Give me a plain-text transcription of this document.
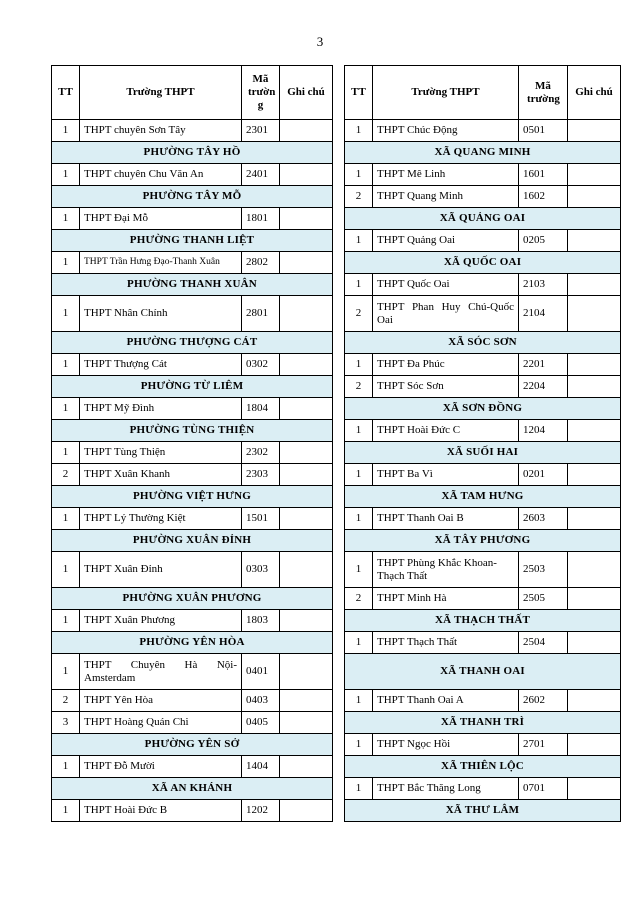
3
TT	Trường THPT	Mã trườn g	Ghi chú
1	THPT chuyên Sơn Tây	2301	
PHƯỜNG TÂY HỒ			
1	THPT chuyên Chu Văn An	2401	
PHƯỜNG TÂY MỖ			
1	THPT Đại Mỗ	1801	
PHƯỜNG THANH LIỆT			
1	THPT Trần Hưng Đạo-Thanh Xuân	2802	
PHƯỜNG THANH XUÂN			
1	THPT Nhân Chính	2801	
PHƯỜNG THƯỢNG CÁT			
1	THPT Thượng Cát	0302	
PHƯỜNG TỪ LIÊM			
1	THPT Mỹ Đình	1804	
PHƯỜNG TÙNG THIỆN			
1	THPT Tùng Thiện	2302	
2	THPT Xuân Khanh	2303	
PHƯỜNG VIỆT HƯNG			
1	THPT Lý Thường Kiệt	1501	
PHƯỜNG XUÂN ĐỈNH			
1	THPT Xuân Đỉnh	0303	
PHƯỜNG XUÂN PHƯƠNG			
1	THPT Xuân Phương	1803	
PHƯỜNG YÊN HÒA			
1	THPT Chuyên Hà Nội-Amsterdam	0401	
2	THPT Yên Hòa	0403	
3	THPT Hoàng Quán Chi	0405	
PHƯỜNG YÊN SỞ			
1	THPT Đỗ Mười	1404	
XÃ AN KHÁNH			
1	THPT Hoài Đức B	1202	
TT	Trường THPT	Mã trường	Ghi chú
1	THPT Chúc Động	0501	
XÃ QUANG MINH			
1	THPT Mê Linh	1601	
2	THPT Quang Minh	1602	
XÃ QUẢNG OAI			
1	THPT Quảng Oai	0205	
XÃ QUỐC OAI			
1	THPT Quốc Oai	2103	
2	THPT Phan Huy Chú-Quốc Oai	2104	
XÃ SÓC SƠN			
1	THPT Đa Phúc	2201	
2	THPT Sóc Sơn	2204	
XÃ SƠN ĐỒNG			
1	THPT Hoài Đức C	1204	
XÃ SUỐI HAI			
1	THPT Ba Vì	0201	
XÃ TAM HƯNG			
1	THPT Thanh Oai B	2603	
XÃ TÂY PHƯƠNG			
1	THPT Phùng Khắc Khoan-Thạch Thất	2503	
2	THPT Minh Hà	2505	
XÃ THẠCH THẤT			
1	THPT Thạch Thất	2504	
XÃ THANH OAI			
1	THPT Thanh Oai A	2602	
XÃ THANH TRÌ			
1	THPT Ngọc Hồi	2701	
XÃ THIÊN LỘC			
1	THPT Bắc Thăng Long	0701	
XÃ THƯ LÂM			
